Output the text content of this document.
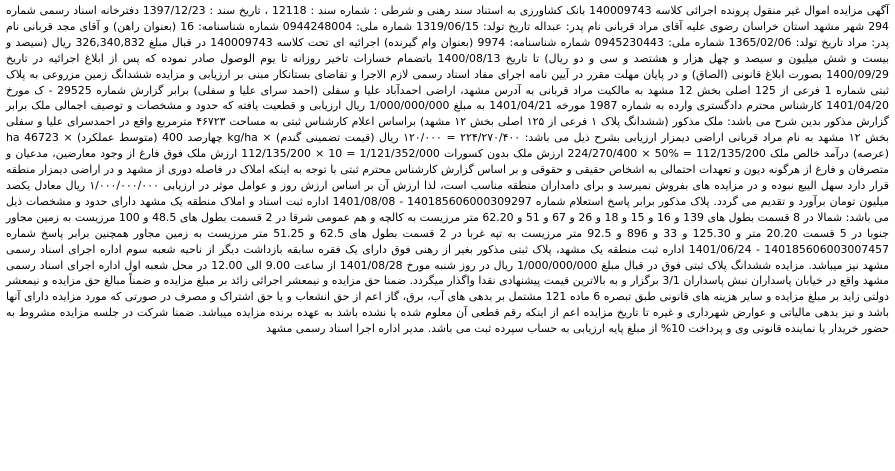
آگهی مزایده اموال غیر منقول پرونده اجرائی کلاسه 140009743 بانک کشاورزی به استناد سند رهنی و شرطی : شماره سند : 12118 ، تاریخ سند : 1397/12/23 دفترخانه اسناد رسمی شماره 294 شهر مشهد استان خراسان رضوی علیه آقای مراد قربانی نام پدر: عبداله تاریخ تولد: 1319/06/15 شماره ملی: 0944248004 شماره شناسنامه: 16 (بعنوان راهن) و آقای مجد قربانی نام پدر: مراد تاریخ تولد: 1365/02/06 شماره ملی: 0945230443 شماره شناسنامه: 9974 (بعنوان وام گیرنده) اجرائیه ای تحت کلاسه 140009743 در قبال مبلغ 326,340,832 ریال (سیصد و بیست و شش میلیون و سیصد و چهل هزار و هشتصد و سی و دو ریال) تا تاریخ 1400/08/13 باتضمام خسارات تاخیر روزانه تا یوم الوصول صادر نموده که پس از ابلاغ اجرائیه در تاریخ 1400/09/29 بصورت ابلاغ قانونی (الصاق) و در پایان مهلت مقرر در آیین نامه اجرای مفاد اسناد رسمی لازم الاجرا و تقاضای بستانکار مبنی بر ارزیابی و مزایده ششدانگ زمین مزروعی به پلاک ثبتی شماره 1 فرعی از 125 اصلی بخش 12 مشهد به مالکیت مراد قربانی به آدرس مشهد، اراضی احمدآباد علیا و سفلی (احمد سرای علیا و سفلی) برابر گزارش شماره 29525 - ک مورخ 1401/04/20 کارشناس محترم دادگستری وارده به شماره 1987 مورخه 1401/04/21 به مبلغ 1/000/000/000 ریال ارزیابی و قطعیت یافته که حدود و مشخصات و توصیف اجمالی ملک برابر گزارش مذکور بدین شرح می باشد: ملک مذکور (ششدانگ پلاک ۱ فرعی از ۱۲۵ اصلی بخش ۱۲ مشهد) براساس اعلام کارشناس ثبتی به مساحت ۴۶۷۲۳ مترمربع واقع در احمدسرای علیا و سفلی بخش ۱۲ مشهد به نام مراد قربانی اراضی دیمزار ارزیابی بشرح ذیل می باشد: ۲۲۴/۲۷۰/۴۰۰ = ۱۲۰/۰۰۰ ریال (قیمت تضمینی گندم) × kg/ha چهارصد 400 (متوسط عملکرد) × ha 46723 (عرصه) درآمد خالص ملک 112/135/200 = %50 × 224/270/400 ارزش ملک بدون کسورات 1/121/352/000 = 10 × 112/135/200 ارزش ملک فوق فارغ از وجود معارضین، مدعیان و متصرفان و فارغ از هرگونه دیون و تعهدات احتمالی به اشخاص حقیقی و حقوقی و بر اساس گزارش کارشناس محترم ثبتی با توجه به اینکه املاک در فاصله دوری از مشهد و در اراضی دیمزار منطقه قرار دارد سهل الیبع نبوده و در مزایده های بفروش نمیرسد و برای دامداران منطقه مناسب است، لذا ارزش آن بر اساس ارزش روز و عوامل موثر در ارزیابی ۱/۰۰۰/۰۰۰/۰۰۰ ریال معادل یکصد میلیون تومان برآورد و تقدیم می گردد. پلاک مذکور برابر پاسخ استعلام شماره 140185606000309297 - 1401/08/08 اداره ثبت اسناد و املاک منطقه یک مشهد دارای حدود و مشخصات ذیل می باشد: شمالا در 8 قسمت بطول های 139 و 16 و 15 و 18 و 26 و 67 و 51 و 62.20 متر مرزیست به کالچه و هم عمومی شرقا در 2 قسمت بطول های 48.5 و 100 مرزیست به زمین مجاور جنوبا در 5 قسمت 20.20 متر و 125.30 و 33 و 896 و 92.5 متر مرزیست به تپه غربا در 2 قسمت بطول های 62.5 و 51.25 متر مرزیست به زمین مجاور همچنین برابر پاسخ شماره 140185606003007457 - 1401/06/24 اداره ثبت منطقه یک مشهد، پلاک ثبتی مذکور بغیر از رهنی فوق دارای یک فقره سابقه بازداشت دیگر از ناحیه شعبه سوم اداره اجرای اسناد رسمی مشهد نیز میباشد. مزایده ششدانگ پلاک ثبتی فوق در قبال مبلغ 1/000/000/000 ریال در روز شنبه مورخ 1401/08/28 از ساعت 9.00 الی 12.00 در محل شعبه اول اداره اجرای اسناد رسمی مشهد واقع در خیابان پاسداران نبش پاسداران 3/1 برگزار و به بالاترین قیمت پیشنهادی نقدا واگذار میگردد. ضمنا حق مزایده و نیمعشر اجرائی زائد بر مبلغ مزایده و ضمناً مبالغ حق مزایده و نیمعشر دولتی زاید بر مبلغ مزایده و سایر هزینه های قانونی طبق تبصره 6 ماده 121 مشتمل بر بدهی های آب، برق، گاز اعم از حق انشعاب و یا حق اشتراک و مصرف در صورتی که مورد مزایده دارای آنها باشد و نیز بدهی مالیاتی و عوارض شهرداری و غیره تا تاریخ مزایده اعم از اینکه رقم قطعی آن معلوم شده یا نشده باشد به عهده برنده مزایده میباشد. ضمنا شرکت در جلسه مزایده مشروط به حضور خریدار یا نماینده قانونی وی و پرداخت 10% از مبلغ پایه ارزیابی به حساب سپرده ثبت می باشد. مدیر اداره اجرا اسناد رسمی مشهد
